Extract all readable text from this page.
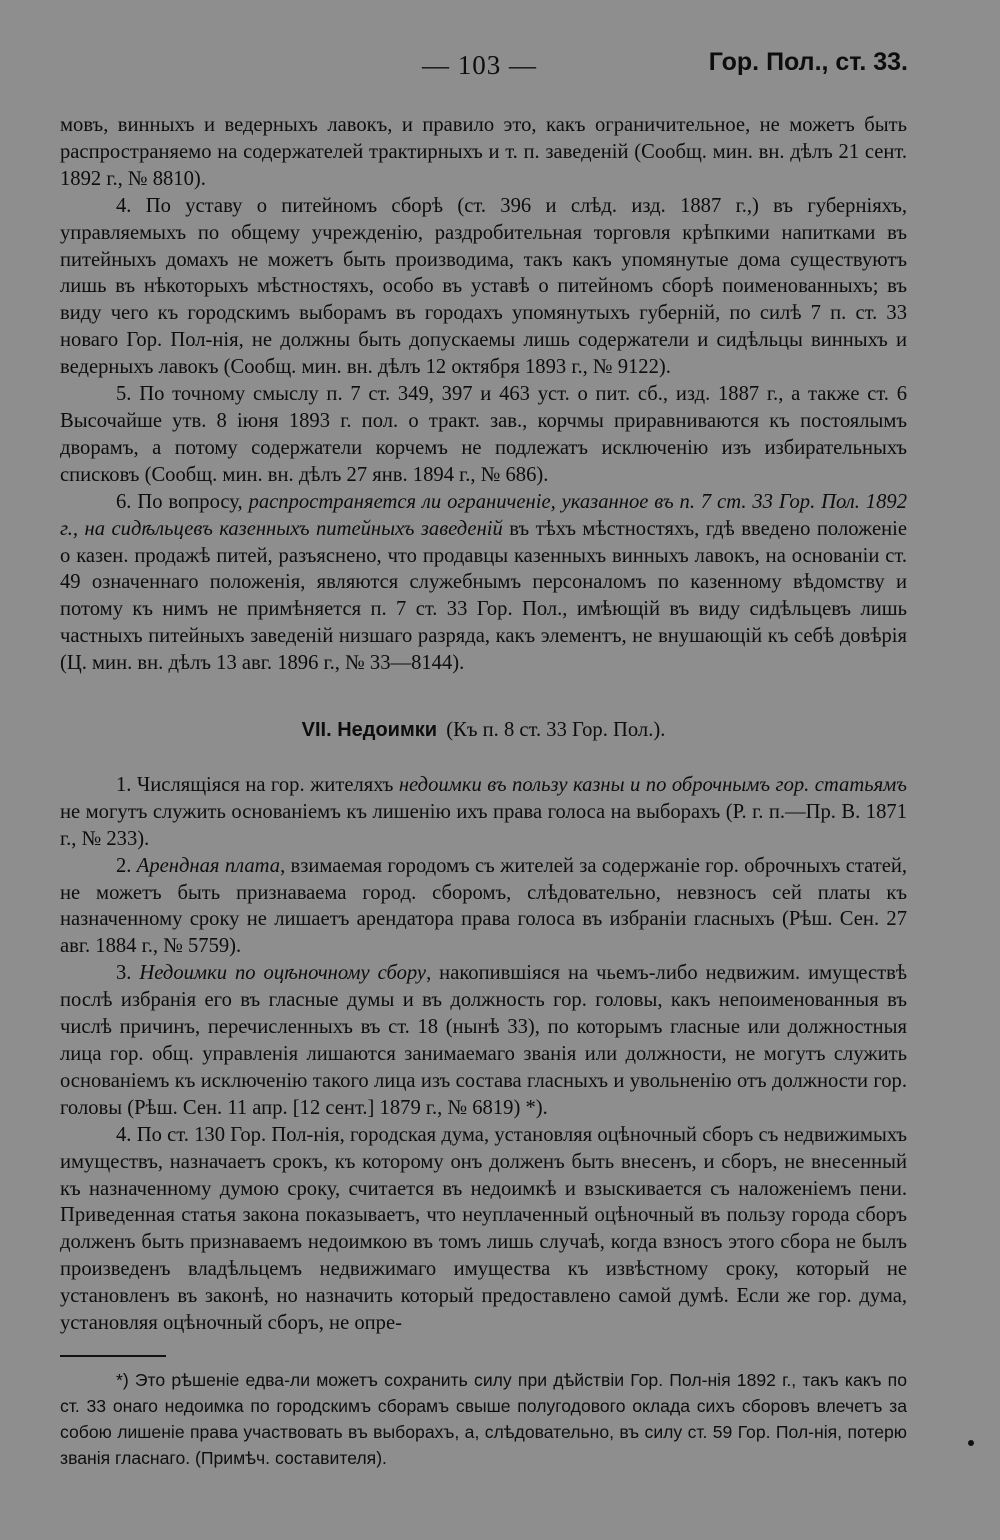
— 103 —	Гор. Пол., ст. 33.

мовъ, винныхъ и ведерныхъ лавокъ, и правило это, какъ ограничительное, не можетъ быть распространяемо на содержателей трактирныхъ и т. п. заведеній (Сообщ. мин. вн. дѣлъ 21 сент. 1892 г., № 8810).

4. По уставу о питейномъ сборѣ (ст. 396 и слѣд. изд. 1887 г.,) въ губерніяхъ, управляемыхъ по общему учрежденію, раздробительная торговля крѣпкими напитками въ питейныхъ домахъ не можетъ быть производима, такъ какъ упомянутые дома существуютъ лишь въ нѣкоторыхъ мѣстностяхъ, особо въ уставѣ о питейномъ сборѣ поименованныхъ; въ виду чего къ городскимъ выборамъ въ городахъ упомянутыхъ губерній, по силѣ 7 п. ст. 33 новаго Гор. Пол-нія, не должны быть допускаемы лишь содержатели и сидѣльцы винныхъ и ведерныхъ лавокъ (Сообщ. мин. вн. дѣлъ 12 октября 1893 г., № 9122).

5. По точному смыслу п. 7 ст. 349, 397 и 463 уст. о пит. сб., изд. 1887 г., а также ст. 6 Высочайше утв. 8 іюня 1893 г. пол. о тракт. зав., корчмы приравниваются къ постоялымъ дворамъ, а потому содержатели корчемъ не подлежатъ исключенію изъ избирательныхъ списковъ (Сообщ. мин. вн. дѣлъ 27 янв. 1894 г., № 686).

6. По вопросу, распространяется ли ограниченіе, указанное въ п. 7 ст. 33 Гор. Пол. 1892 г., на сидѣльцевъ казенныхъ питейныхъ заведеній въ тѣхъ мѣстностяхъ, гдѣ введено положеніе о казен. продажѣ питей, разъяснено, что продавцы казенныхъ винныхъ лавокъ, на основаніи ст. 49 означеннаго положенія, являются служебнымъ персоналомъ по казенному вѣдомству и потому къ нимъ не примѣняется п. 7 ст. 33 Гор. Пол., имѣющій въ виду сидѣльцевъ лишь частныхъ питейныхъ заведеній низшаго разряда, какъ элементъ, не внушающій къ себѣ довѣрія (Ц. мин. вн. дѣлъ 13 авг. 1896 г., № 33—8144).

VII. Недоимки (Къ п. 8 ст. 33 Гор. Пол.).

1. Числящіяся на гор. жителяхъ недоимки въ пользу казны и по оброчнымъ гор. статьямъ не могутъ служить основаніемъ къ лишенію ихъ права голоса на выборахъ (Р. г. п.—Пр. В. 1871 г., № 233).

2. Арендная плата, взимаемая городомъ съ жителей за содержаніе гор. оброчныхъ статей, не можетъ быть признаваема город. сборомъ, слѣдовательно, невзносъ сей платы къ назначенному сроку не лишаетъ арендатора права голоса въ избраніи гласныхъ (Рѣш. Сен. 27 авг. 1884 г., № 5759).

3. Недоимки по оцѣночному сбору, накопившіяся на чьемъ-либо недвижим. имуществѣ послѣ избранія его въ гласные думы и въ должность гор. головы, какъ непоименованныя въ числѣ причинъ, перечисленныхъ въ ст. 18 (нынѣ 33), по которымъ гласные или должностныя лица гор. общ. управленія лишаются занимаемаго званія или должности, не могутъ служить основаніемъ къ исключенію такого лица изъ состава гласныхъ и увольненію отъ должности гор. головы (Рѣш. Сен. 11 апр. [12 сент.] 1879 г., № 6819) *).

4. По ст. 130 Гор. Пол-нія, городская дума, установляя оцѣночный сборъ съ недвижимыхъ имуществъ, назначаетъ срокъ, къ которому онъ долженъ быть внесенъ, и сборъ, не внесенный къ назначенному думою сроку, считается въ недоимкѣ и взыскивается съ наложеніемъ пени. Приведенная статья закона показываетъ, что неуплаченный оцѣночный въ пользу города сборъ долженъ быть признаваемъ недоимкою въ томъ лишь случаѣ, когда взносъ этого сбора не былъ произведенъ владѣльцемъ недвижимаго имущества къ извѣстному сроку, который не установленъ въ законѣ, но назначить который предоставлено самой думѣ. Если же гор. дума, установляя оцѣночный сборъ, не опре-

*) Это рѣшеніе едва-ли можетъ сохранить силу при дѣйствіи Гор. Пол-нія 1892 г., такъ какъ по ст. 33 онаго недоимка по городскимъ сборамъ свыше полугодового оклада сихъ сборовъ влечетъ за собою лишеніе права участвовать въ выборахъ, а, слѣдовательно, въ силу ст. 59 Гор. Пол-нія, потерю званія гласнаго. (Примѣч. составителя).
